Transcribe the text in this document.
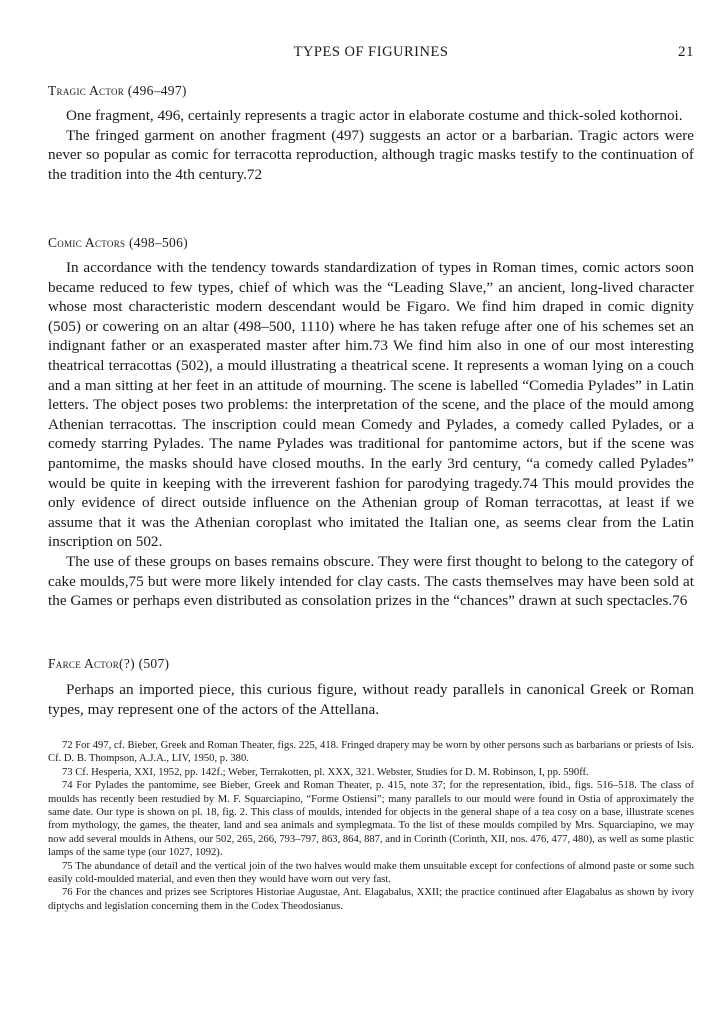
TYPES OF FIGURINES	21
Tragic Actor (496–497)

One fragment, 496, certainly represents a tragic actor in elaborate costume and thick-soled kothornoi.

The fringed garment on another fragment (497) suggests an actor or a barbarian. Tragic actors were never so popular as comic for terracotta reproduction, although tragic masks testify to the continuation of the tradition into the 4th century.72

Comic Actors (498–506)

In accordance with the tendency towards standardization of types in Roman times, comic actors soon became reduced to few types, chief of which was the “Leading Slave,” an ancient, long-lived character whose most characteristic modern descendant would be Figaro. We find him draped in comic dignity (505) or cowering on an altar (498–500, 1110) where he has taken refuge after one of his schemes set an indignant father or an exasperated master after him.73 We find him also in one of our most interesting theatrical terracottas (502), a mould illustrating a theatrical scene. It represents a woman lying on a couch and a man sitting at her feet in an attitude of mourning. The scene is labelled “Comedia Pylades” in Latin letters. The object poses two problems: the interpretation of the scene, and the place of the mould among Athenian terracottas. The inscription could mean Comedy and Pylades, a comedy called Pylades, or a comedy starring Pylades. The name Pylades was traditional for pantomime actors, but if the scene was pantomime, the masks should have closed mouths. In the early 3rd century, “a comedy called Pylades” would be quite in keeping with the irreverent fashion for parodying tragedy.74 This mould provides the only evidence of direct outside influence on the Athenian group of Roman terracottas, at least if we assume that it was the Athenian coroplast who imitated the Italian one, as seems clear from the Latin inscription on 502.

The use of these groups on bases remains obscure. They were first thought to belong to the category of cake moulds,75 but were more likely intended for clay casts. The casts themselves may have been sold at the Games or perhaps even distributed as consolation prizes in the “chances” drawn at such spectacles.76

Farce Actor(?) (507)

Perhaps an imported piece, this curious figure, without ready parallels in canonical Greek or Roman types, may represent one of the actors of the Attellana.

72 For 497, cf. Bieber, Greek and Roman Theater, figs. 225, 418. Fringed drapery may be worn by other persons such as barbarians or priests of Isis. Cf. D. B. Thompson, A.J.A., LIV, 1950, p. 380.

73 Cf. Hesperia, XXI, 1952, pp. 142f.; Weber, Terrakotten, pl. XXX, 321. Webster, Studies for D. M. Robinson, I, pp. 590ff.

74 For Pylades the pantomime, see Bieber, Greek and Roman Theater, p. 415, note 37; for the representation, ibid., figs. 516–518. The class of moulds has recently been restudied by M. F. Squarciapino, “Forme Ostiensi”; many parallels to our mould were found in Ostia of approximately the same date. Our type is shown on pl. 18, fig. 2. This class of moulds, intended for objects in the general shape of a tea cosy on a base, illustrate scenes from mythology, the games, the theater, land and sea animals and symplegmata. To the list of these moulds compiled by Mrs. Squarciapino, we may now add several moulds in Athens, our 502, 265, 266, 793–797, 863, 864, 887, and in Corinth (Corinth, XII, nos. 476, 477, 480), as well as some plastic lamps of the same type (our 1027, 1092).

75 The abundance of detail and the vertical join of the two halves would make them unsuitable except for confections of almond paste or some such easily cold-moulded material, and even then they would have worn out very fast.

76 For the chances and prizes see Scriptores Historiae Augustae, Ant. Elagabalus, XXII; the practice continued after Elagabalus as shown by ivory diptychs and legislation concerning them in the Codex Theodosianus.
